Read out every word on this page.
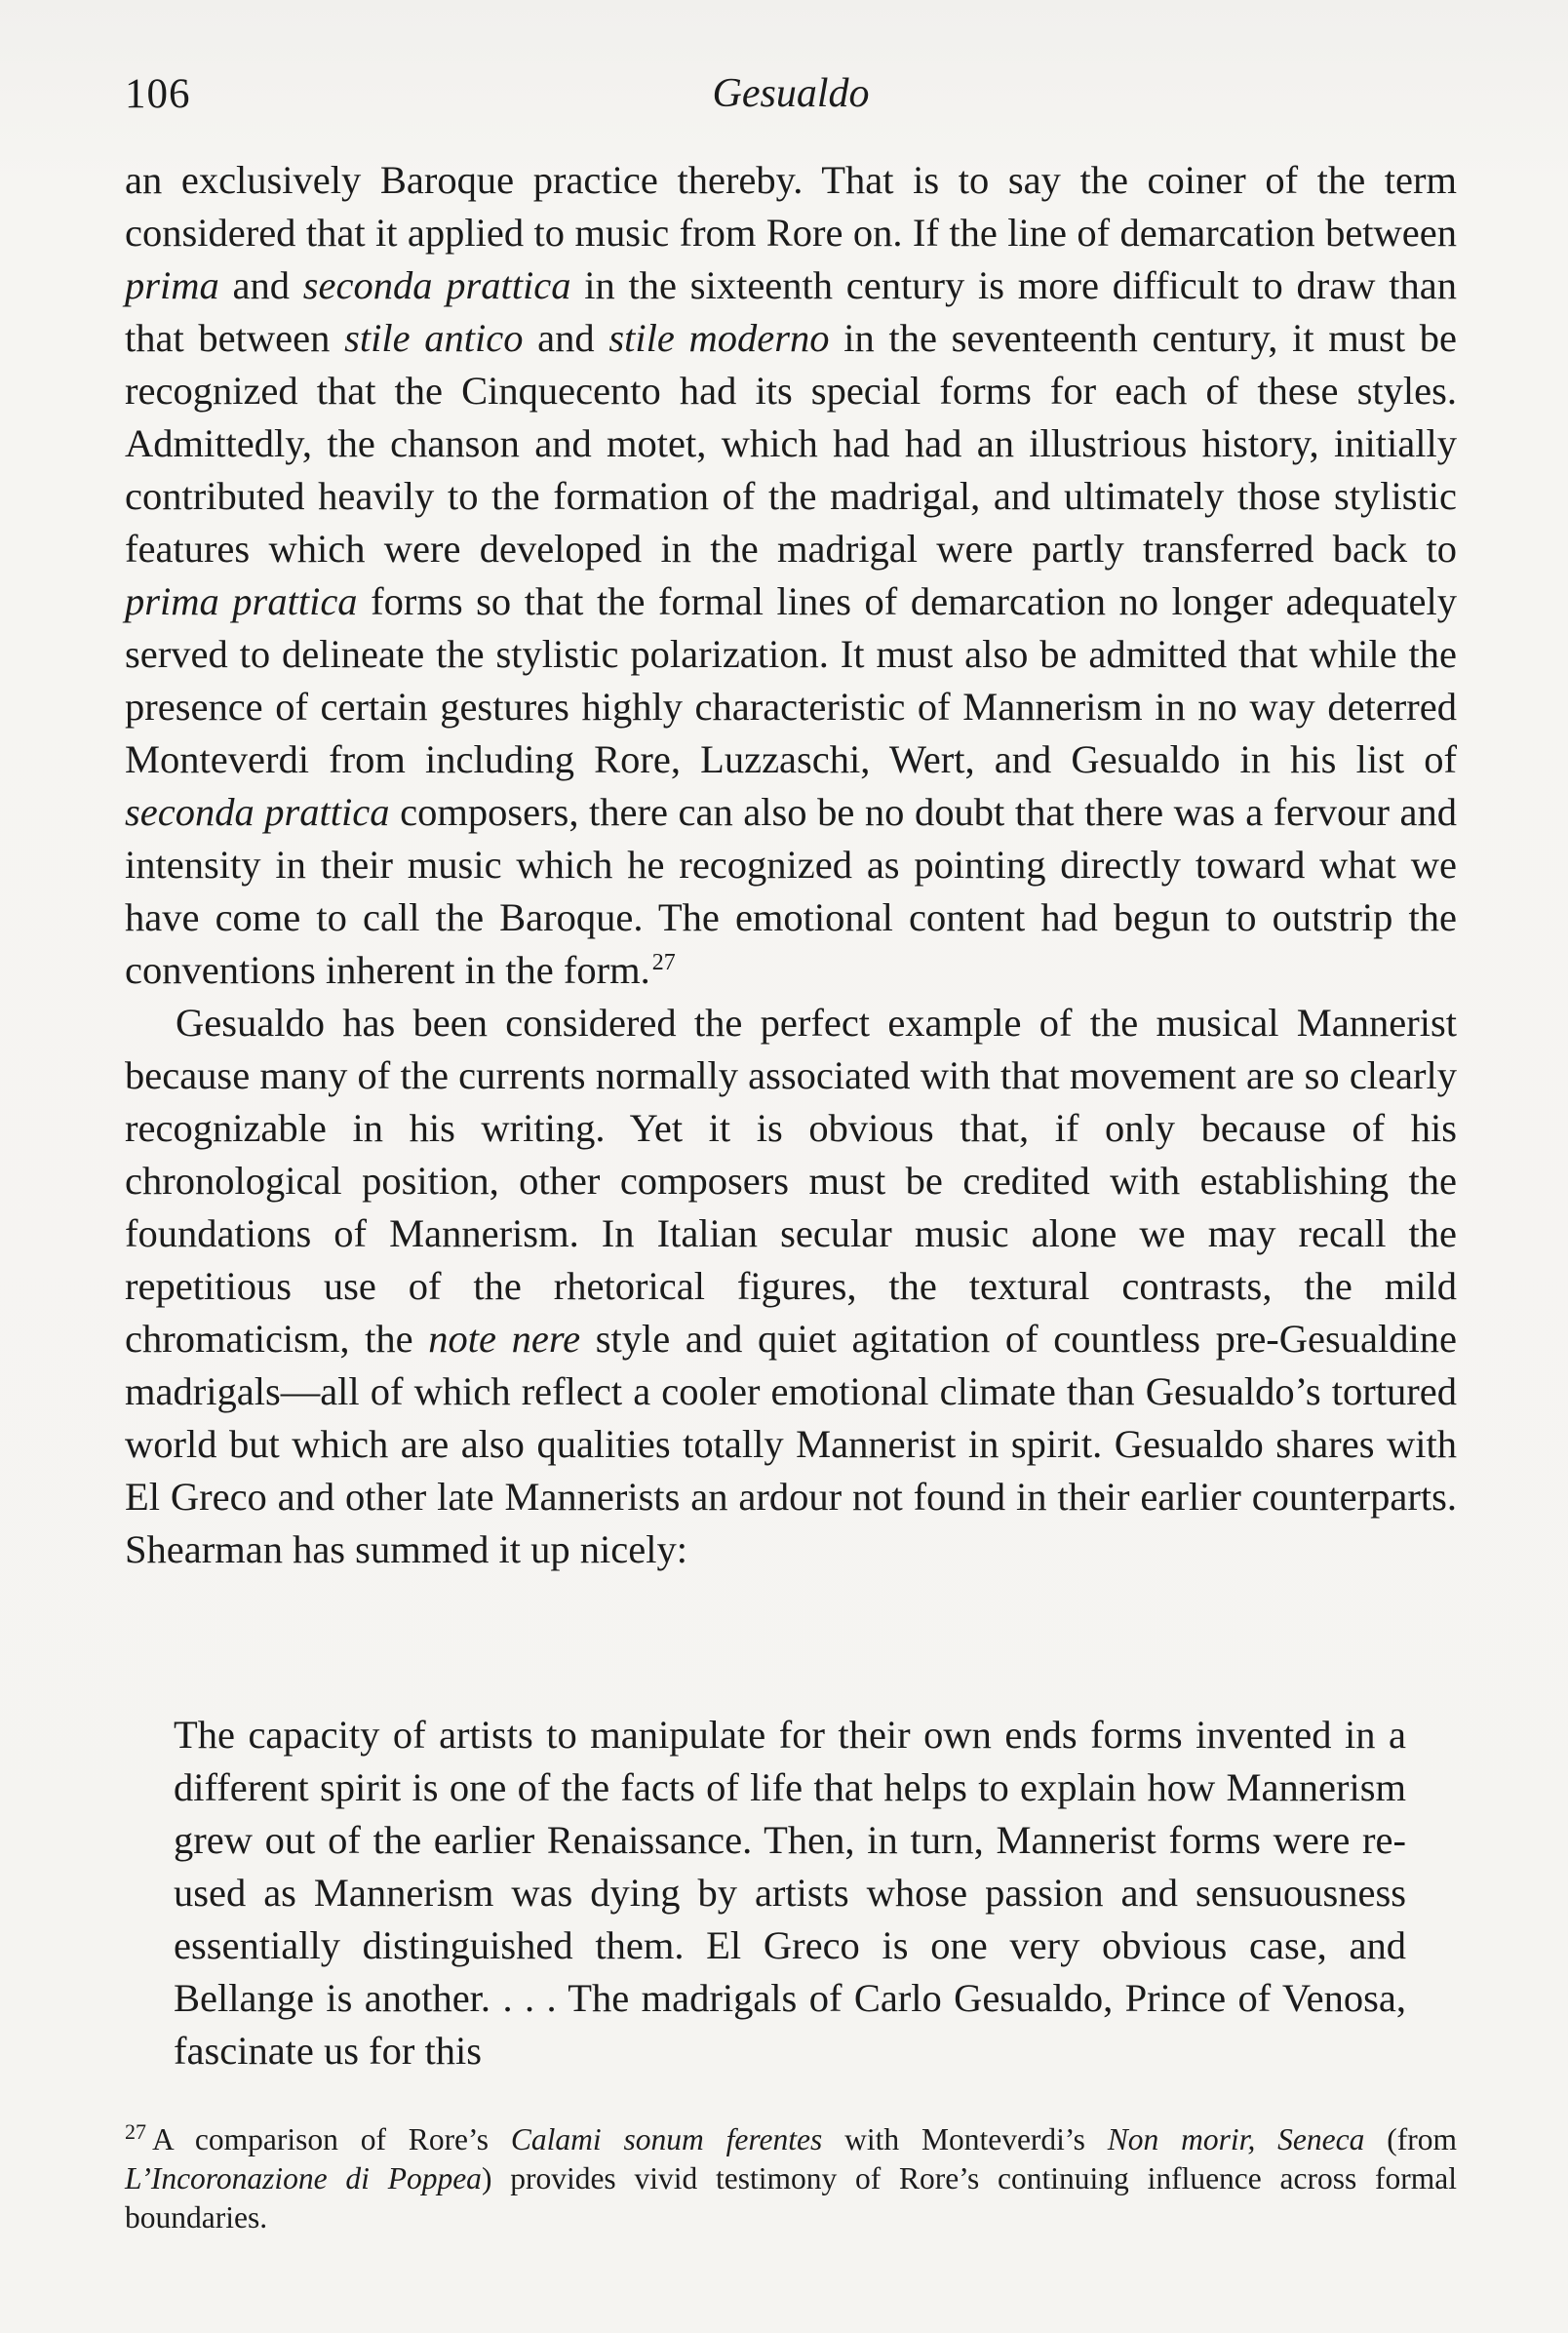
106	Gesualdo

an exclusively Baroque practice thereby. That is to say the coiner of the term considered that it applied to music from Rore on. If the line of demarcation between prima and seconda prattica in the sixteenth century is more difficult to draw than that between stile antico and stile moderno in the seventeenth century, it must be recognized that the Cinquecento had its special forms for each of these styles. Admittedly, the chanson and motet, which had had an illustrious history, initially contributed heavily to the formation of the madrigal, and ultimately those stylistic features which were developed in the madrigal were partly transferred back to prima prattica forms so that the formal lines of demarcation no longer adequately served to delineate the stylistic polarization. It must also be admitted that while the presence of certain gestures highly characteristic of Mannerism in no way deterred Monteverdi from including Rore, Luzzaschi, Wert, and Gesualdo in his list of seconda prattica composers, there can also be no doubt that there was a fervour and intensity in their music which he recognized as pointing directly toward what we have come to call the Baroque. The emotional content had begun to outstrip the conventions inherent in the form.$^{27}$

Gesualdo has been considered the perfect example of the musical Mannerist because many of the currents normally associated with that movement are so clearly recognizable in his writing. Yet it is obvious that, if only because of his chronological position, other composers must be credited with establishing the foundations of Mannerism. In Italian secular music alone we may recall the repetitious use of the rhetorical figures, the textural contrasts, the mild chromaticism, the note nere style and quiet agitation of countless pre-Gesualdine madrigals—all of which reflect a cooler emotional climate than Gesualdo’s tortured world but which are also qualities totally Mannerist in spirit. Gesualdo shares with El Greco and other late Mannerists an ardour not found in their earlier counterparts. Shearman has summed it up nicely:

The capacity of artists to manipulate for their own ends forms invented in a different spirit is one of the facts of life that helps to explain how Mannerism grew out of the earlier Renaissance. Then, in turn, Mannerist forms were re-used as Mannerism was dying by artists whose passion and sensuousness essentially distinguished them. El Greco is one very obvious case, and Bellange is another. . . . The madrigals of Carlo Gesualdo, Prince of Venosa, fascinate us for this
$^{27}$ A comparison of Rore’s Calami sonum ferentes with Monteverdi’s Non morir, Seneca (from L’Incoronazione di Poppea) provides vivid testimony of Rore’s continuing influence across formal boundaries.
